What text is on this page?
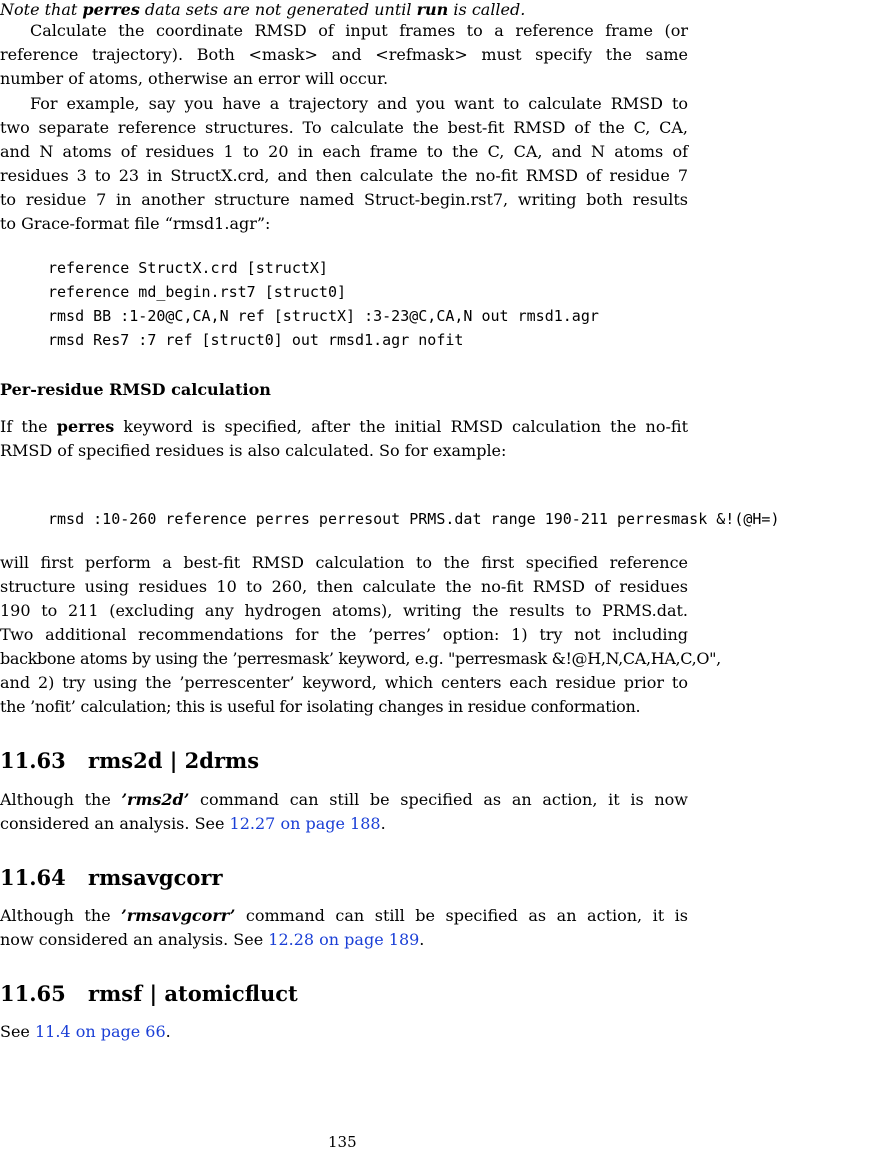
Note that perres data sets are not generated until run is called.
Calculate the coordinate RMSD of input frames to a reference frame (or
reference trajectory). Both <mask> and <refmask> must specify the same
number of atoms, otherwise an error will occur.
For example, say you have a trajectory and you want to calculate RMSD to
two separate reference structures. To calculate the best-fit RMSD of the C, CA,
and N atoms of residues 1 to 20 in each frame to the C, CA, and N atoms of
residues 3 to 23 in StructX.crd, and then calculate the no-fit RMSD of residue 7
to residue 7 in another structure named Struct-begin.rst7, writing both results
to Grace-format file “rmsd1.agr”:
reference StructX.crd [structX]
reference md_begin.rst7 [struct0]
rmsd BB :1-20@C,CA,N ref [structX] :3-23@C,CA,N out rmsd1.agr
rmsd Res7 :7 ref [struct0] out rmsd1.agr nofit
Per-residue RMSD calculation
If the perres keyword is specified, after the initial RMSD calculation the no-fit
RMSD of specified residues is also calculated. So for example:
rmsd :10-260 reference perres perresout PRMS.dat range 190-211 perresmask &!(@H=)
will first perform a best-fit RMSD calculation to the first specified reference
structure using residues 10 to 260, then calculate the no-fit RMSD of residues
190 to 211 (excluding any hydrogen atoms), writing the results to PRMS.dat.
Two additional recommendations for the ’perres’ option: 1) try not including
backbone atoms by using the ’perresmask’ keyword, e.g. "perresmask &!@H,N,CA,HA,C,O",
and 2) try using the ’perrescenter’ keyword, which centers each residue prior to
the ’nofit’ calculation; this is useful for isolating changes in residue conformation.
11.63 rms2d | 2drms
Although the ’rms2d’ command can still be specified as an action, it is now
considered an analysis. See 12.27 on page 188.
11.64 rmsavgcorr
Although the ’rmsavgcorr’ command can still be specified as an action, it is
now considered an analysis. See 12.28 on page 189.
11.65 rmsf | atomicfluct
See 11.4 on page 66.
135
